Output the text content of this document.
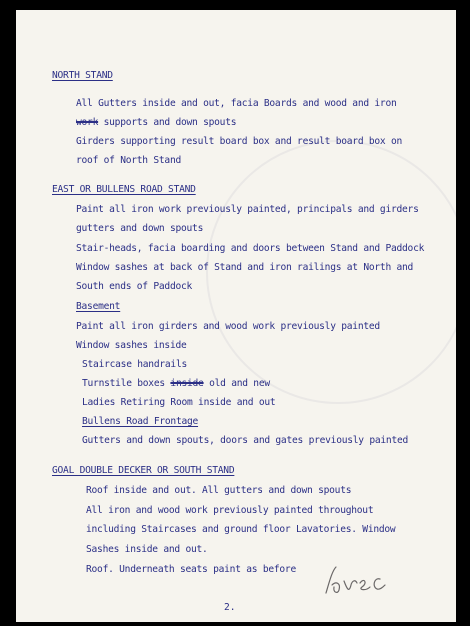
NORTH STAND
All Gutters inside and out, facia Boards and wood and iron
work supports and down spouts
Girders supporting result board box and result board box on
roof of North Stand
EAST OR BULLENS ROAD STAND
Paint all iron work previously painted, principals and girders
gutters and down spouts
Stair-heads, facia boarding and doors between Stand and Paddock
Window sashes at back of Stand and iron railings at North and
South ends of Paddock
Basement
Paint all iron girders and wood work previously painted
Window sashes inside
Staircase handrails
Turnstile boxes inside old and new
Ladies Retiring Room inside and out
Bullens Road Frontage
Gutters and down spouts, doors and gates previously painted
GOAL DOUBLE DECKER OR SOUTH STAND
Roof inside and out. All gutters and down spouts
All iron and wood work previously painted throughout
including Staircases and ground floor Lavatories. Window
Sashes inside and out.
Roof. Underneath seats paint as before
2.
